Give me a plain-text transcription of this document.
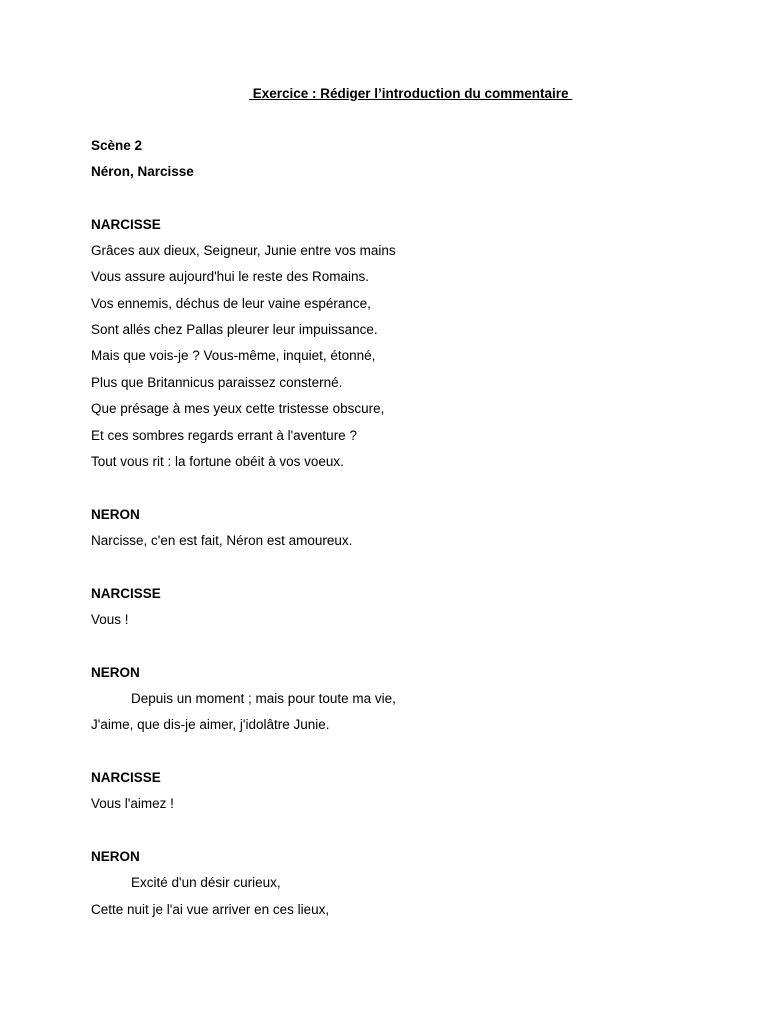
Exercice : Rédiger l’introduction du commentaire
Scène 2
Néron, Narcisse
NARCISSE
Grâces aux dieux, Seigneur, Junie entre vos mains
Vous assure aujourd'hui le reste des Romains.
Vos ennemis, déchus de leur vaine espérance,
Sont allés chez Pallas pleurer leur impuissance.
Mais que vois-je ? Vous-même, inquiet, étonné,
Plus que Britannicus paraissez consterné.
Que présage à mes yeux cette tristesse obscure,
Et ces sombres regards errant à l'aventure ?
Tout vous rit : la fortune obéit à vos voeux.
NERON
Narcisse, c'en est fait, Néron est amoureux.
NARCISSE
Vous !
NERON
Depuis un moment ; mais pour toute ma vie,
J'aime, que dis-je aimer, j'idolâtre Junie.
NARCISSE
Vous l'aimez !
NERON
Excité d'un désir curieux,
Cette nuit je l'ai vue arriver en ces lieux,
